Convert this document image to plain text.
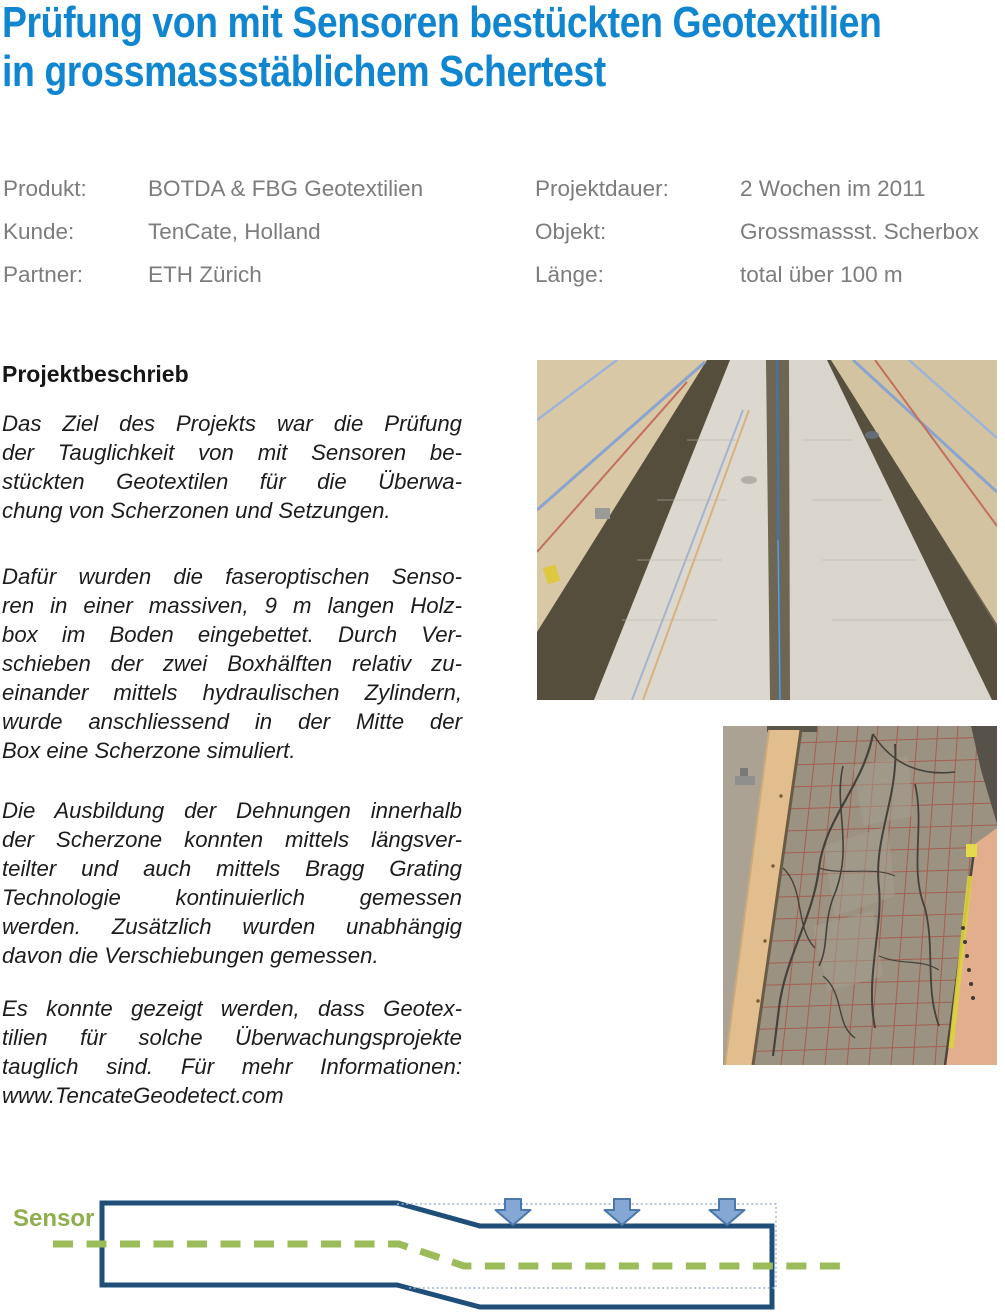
Prüfung von mit Sensoren bestückten Geotextilien
in grossmassstäblichem Schertest
Produkt:	BOTDA & FBG Geotextilien
Kunde:	TenCate, Holland
Partner:	ETH Zürich
Projektdauer:	2 Wochen im 2011
Objekt:	Grossmassst. Scherbox
Länge:	total über 100 m
Projektbeschrieb
Das Ziel des Projekts war die Prüfung
der Tauglichkeit von mit Sensoren be-
stückten Geotextilen für die Überwa-
chung von Scherzonen und Setzungen.
Dafür wurden die faseroptischen Senso-
ren in einer massiven, 9 m langen Holz-
box im Boden eingebettet. Durch Ver-
schieben der zwei Boxhälften relativ zu-
einander mittels hydraulischen Zylindern,
wurde anschliessend in der Mitte der
Box eine Scherzone simuliert.
Die Ausbildung der Dehnungen innerhalb
der Scherzone konnten mittels längsver-
teilter und auch mittels Bragg Grating
Technologie kontinuierlich gemessen
werden. Zusätzlich wurden unabhängig
davon die Verschiebungen gemessen.
Es konnte gezeigt werden, dass Geotex-
tilien für solche Überwachungsprojekte
tauglich sind. Für mehr Informationen:
www.TencateGeodetect.com
Sensor
